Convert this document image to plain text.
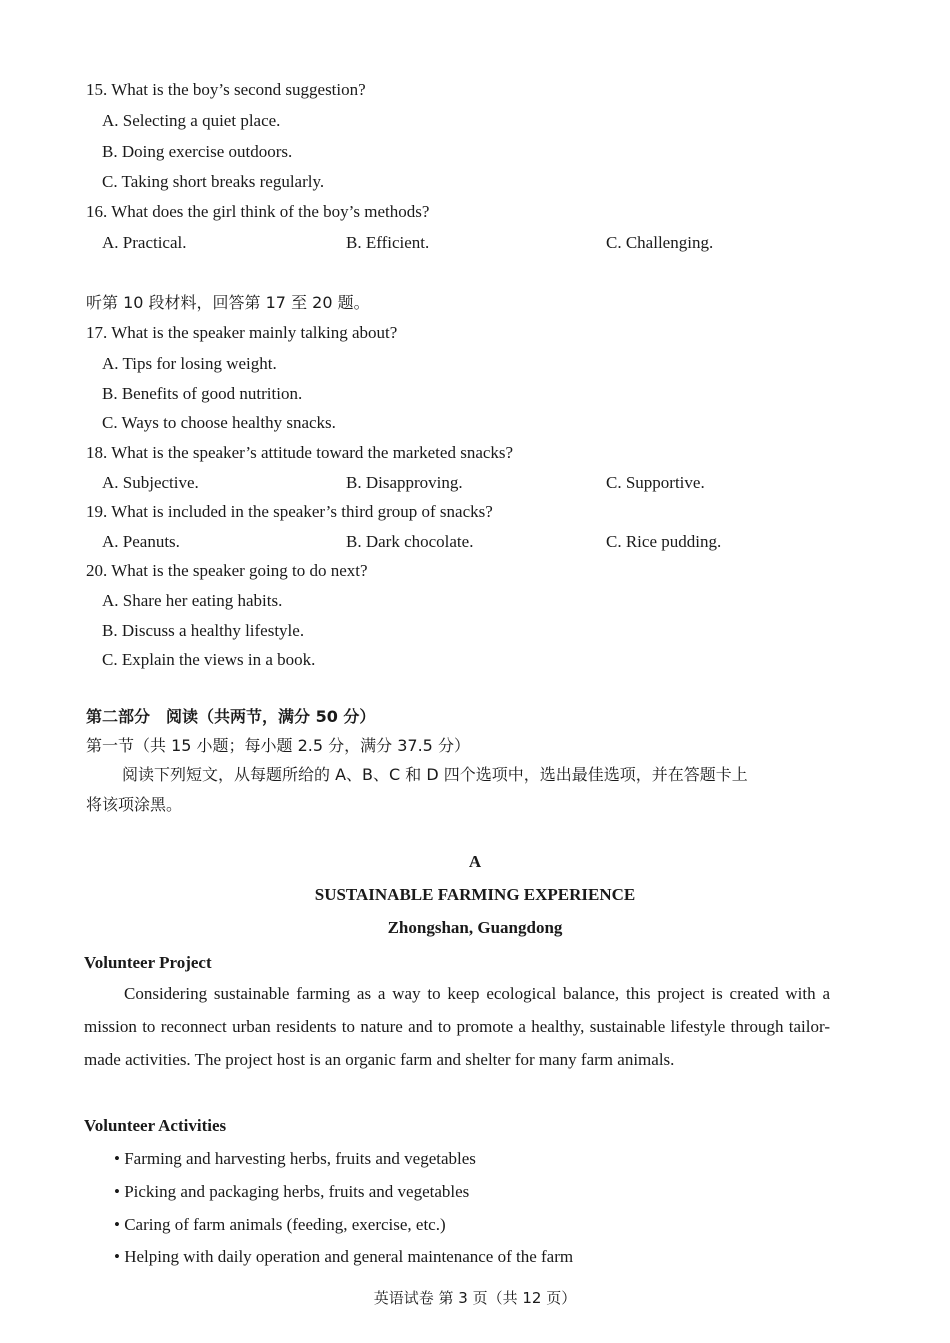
15. What is the boy’s second suggestion?
A. Selecting a quiet place.
B. Doing exercise outdoors.
C. Taking short breaks regularly.
16. What does the girl think of the boy’s methods?
A. Practical.	B. Efficient.	C. Challenging.
听第 10 段材料，回答第 17 至 20 题。
17. What is the speaker mainly talking about?
A. Tips for losing weight.
B. Benefits of good nutrition.
C. Ways to choose healthy snacks.
18. What is the speaker’s attitude toward the marketed snacks?
A. Subjective.	B. Disapproving.	C. Supportive.
19. What is included in the speaker’s third group of snacks?
A. Peanuts.	B. Dark chocolate.	C. Rice pudding.
20. What is the speaker going to do next?
A. Share her eating habits.
B. Discuss a healthy lifestyle.
C. Explain the views in a book.
第二部分　阅读（共两节，满分 50 分）
第一节（共 15 小题；每小题 2.5 分，满分 37.5 分）
阅读下列短文，从每题所给的 A、B、C 和 D 四个选项中，选出最佳选项，并在答题卡上
将该项涂黑。
A
SUSTAINABLE FARMING EXPERIENCE
Zhongshan, Guangdong
Volunteer Project
Considering sustainable farming as a way to keep ecological balance, this project is created with a mission to reconnect urban residents to nature and to promote a healthy, sustainable lifestyle through tailor-made activities. The project host is an organic farm and shelter for many farm animals.
Volunteer Activities
• Farming and harvesting herbs, fruits and vegetables
• Picking and packaging herbs, fruits and vegetables
• Caring of farm animals (feeding, exercise, etc.)
• Helping with daily operation and general maintenance of the farm
英语试卷 第 3 页（共 12 页）
